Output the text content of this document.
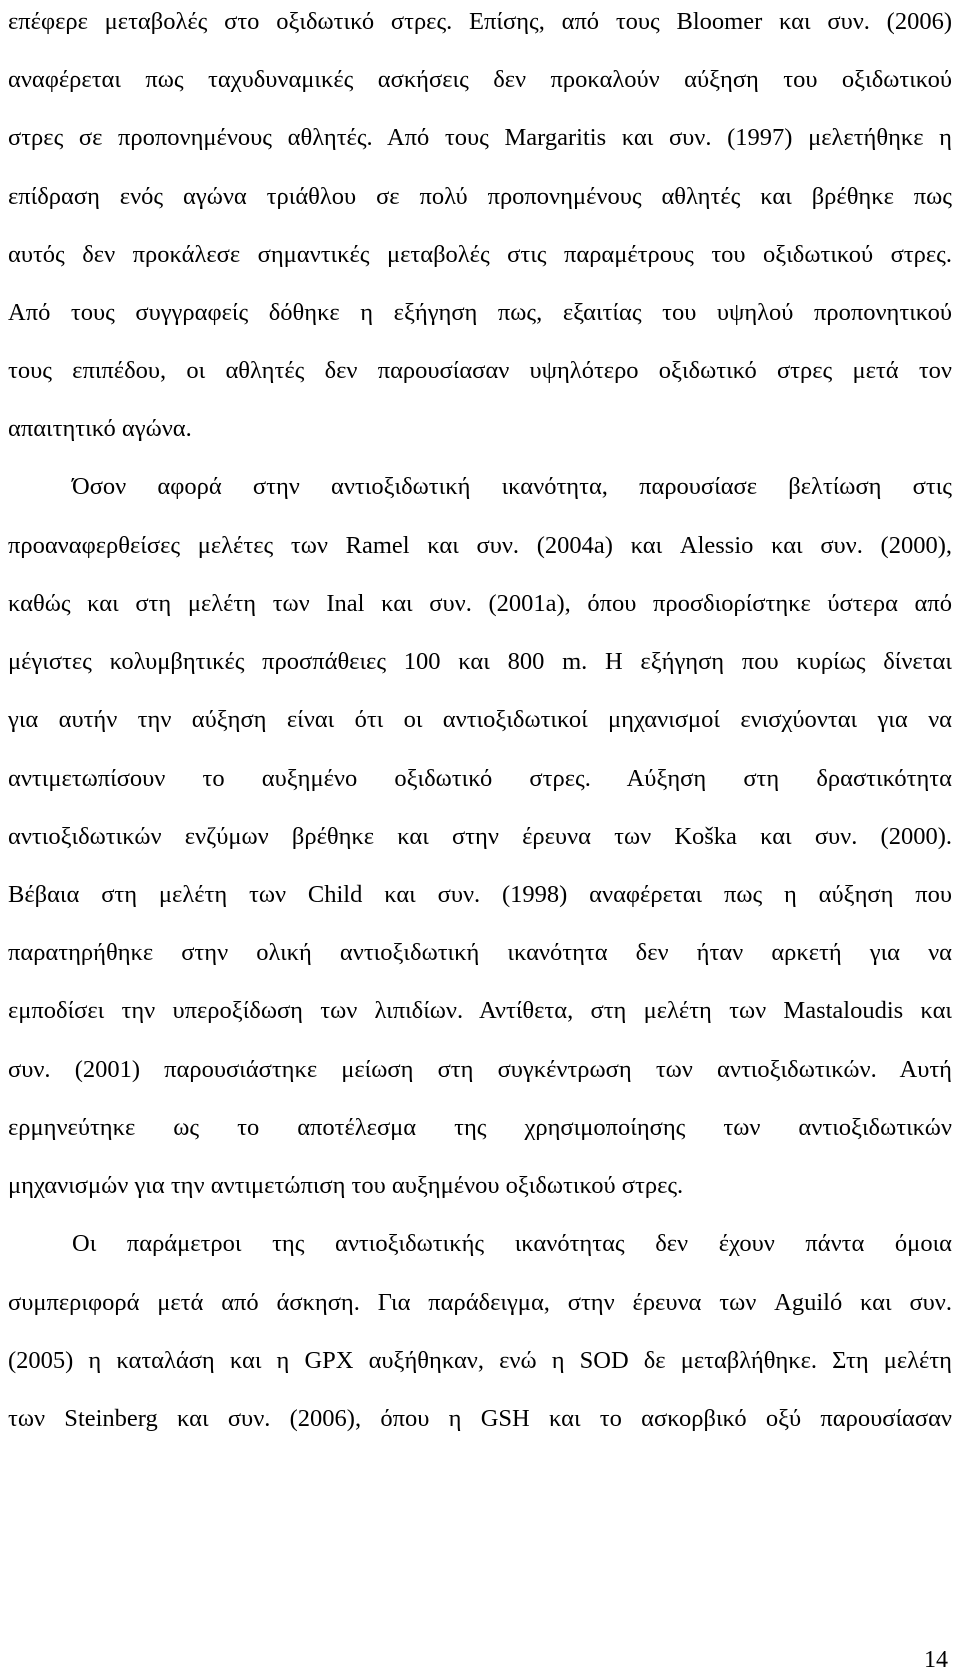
επέφερε μεταβολές στο οξιδωτικό στρες. Επίσης, από τους Bloomer και συν. (2006)
αναφέρεται πως ταχυδυναμικές ασκήσεις δεν προκαλούν αύξηση του οξιδωτικού
στρες σε προπονημένους αθλητές. Από τους Margaritis και συν. (1997) μελετήθηκε η
επίδραση ενός αγώνα τριάθλου σε πολύ προπονημένους αθλητές και βρέθηκε πως
αυτός δεν προκάλεσε σημαντικές μεταβολές στις παραμέτρους του οξιδωτικού στρες.
Από τους συγγραφείς δόθηκε η εξήγηση πως, εξαιτίας του υψηλού προπονητικού
τους επιπέδου, οι αθλητές δεν παρουσίασαν υψηλότερο οξιδωτικό στρες μετά τον
απαιτητικό αγώνα.
Όσον αφορά στην αντιοξιδωτική ικανότητα, παρουσίασε βελτίωση στις
προαναφερθείσες μελέτες των Ramel και συν. (2004a) και Alessio και συν. (2000),
καθώς και στη μελέτη των Inal και συν. (2001a), όπου προσδιορίστηκε ύστερα από
μέγιστες κολυμβητικές προσπάθειες 100 και 800 m. Η εξήγηση που κυρίως δίνεται
για αυτήν την αύξηση είναι ότι οι αντιοξιδωτικοί μηχανισμοί ενισχύονται για να
αντιμετωπίσουν το αυξημένο οξιδωτικό στρες. Αύξηση στη δραστικότητα
αντιοξιδωτικών ενζύμων βρέθηκε και στην έρευνα των Koška και συν. (2000).
Βέβαια στη μελέτη των Child και συν. (1998) αναφέρεται πως η αύξηση που
παρατηρήθηκε στην ολική αντιοξιδωτική ικανότητα δεν ήταν αρκετή για να
εμποδίσει την υπεροξίδωση των λιπιδίων. Αντίθετα, στη μελέτη των Mastaloudis και
συν. (2001) παρουσιάστηκε μείωση στη συγκέντρωση των αντιοξιδωτικών. Αυτή
ερμηνεύτηκε ως το αποτέλεσμα της χρησιμοποίησης των αντιοξιδωτικών
μηχανισμών για την αντιμετώπιση του αυξημένου οξιδωτικού στρες.
Οι παράμετροι της αντιοξιδωτικής ικανότητας δεν έχουν πάντα όμοια
συμπεριφορά μετά από άσκηση. Για παράδειγμα, στην έρευνα των Aguiló και συν.
(2005) η καταλάση και η GPX αυξήθηκαν, ενώ η SOD δε μεταβλήθηκε. Στη μελέτη
των Steinberg και συν. (2006), όπου η GSH και το ασκορβικό οξύ παρουσίασαν
14
